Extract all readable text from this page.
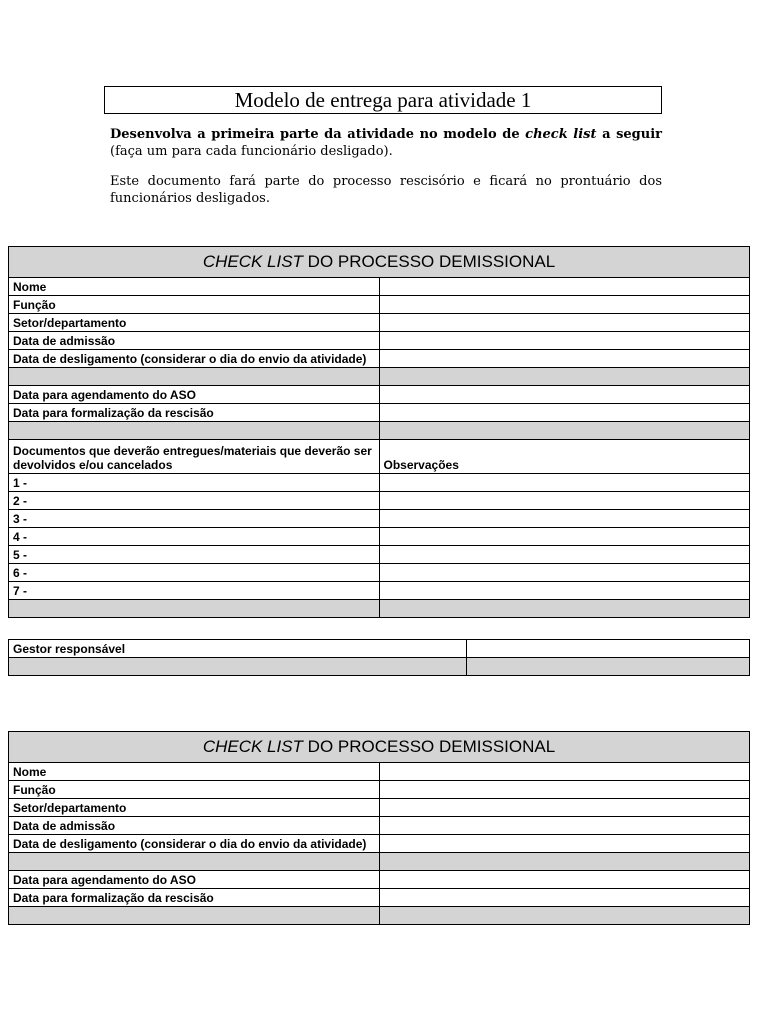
Modelo de entrega para atividade 1
Desenvolva a primeira parte da atividade no modelo de check list a seguir (faça um para cada funcionário desligado).
Este documento fará parte do processo rescisório e ficará no prontuário dos funcionários desligados.
CHECK LIST DO PROCESSO DEMISSIONAL	
Nome	
Função	
Setor/departamento	
Data de admissão	
Data de desligamento (considerar o dia do envio da atividade)	

Data para agendamento do ASO	
Data para formalização da rescisão	

Documentos que deverão entregues/materiais que deverão ser devolvidos e/ou cancelados	Observações
1 -	
2 -	
3 -	
4 -	
5 -	
6 -	
7 -	

Gestor responsável	

CHECK LIST DO PROCESSO DEMISSIONAL	
Nome	
Função	
Setor/departamento	
Data de admissão	
Data de desligamento (considerar o dia do envio da atividade)	

Data para agendamento do ASO	
Data para formalização da rescisão	
